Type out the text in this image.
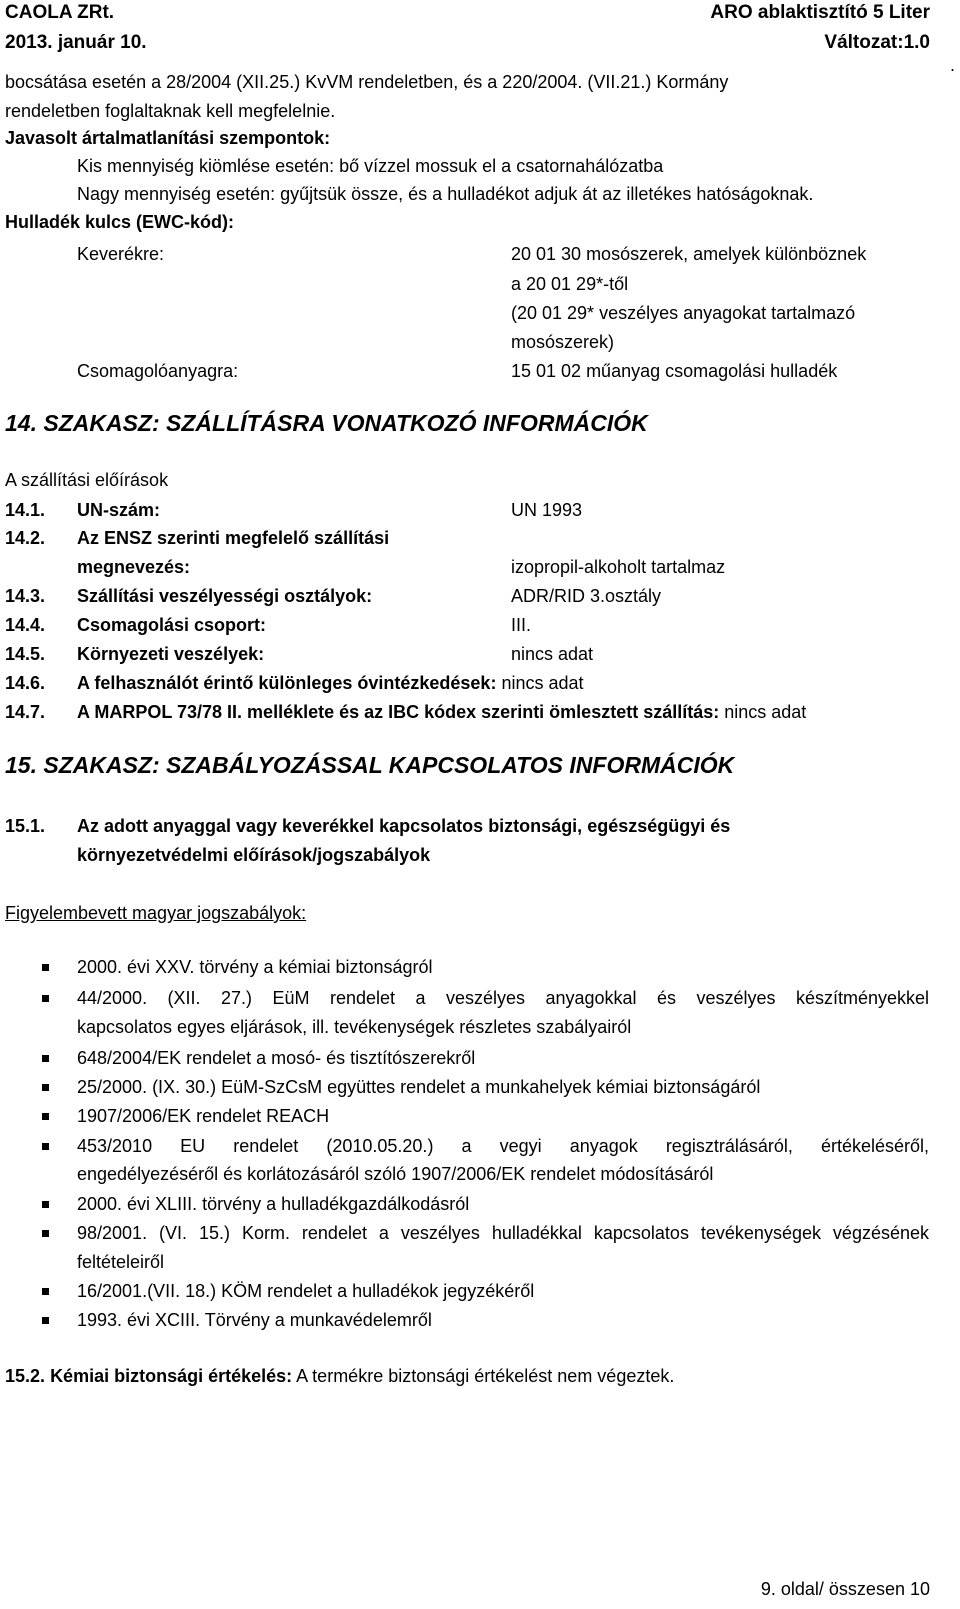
CAOLA ZRt.	ARO ablaktisztító 5 Liter
2013. január 10.	Változat:1.0
.
bocsátása esetén a 28/2004 (XII.25.) KvVM rendeletben, és a 220/2004. (VII.21.) Kormány
rendeletben foglaltaknak kell megfelelnie.
Javasolt ártalmatlanítási szempontok:
Kis mennyiség kiömlése esetén: bő vízzel mossuk el a csatornahálózatba
Nagy mennyiség esetén: gyűjtsük össze, és a hulladékot adjuk át az illetékes hatóságoknak.
Hulladék kulcs (EWC-kód):
Keverékre:	20 01 30 mosószerek, amelyek különböznek
a 20 01 29*-től
(20 01 29* veszélyes anyagokat tartalmazó
mosószerek)
Csomagolóanyagra:	15 01 02 műanyag csomagolási hulladék
14. SZAKASZ: SZÁLLÍTÁSRA VONATKOZÓ INFORMÁCIÓK
A szállítási előírások
14.1. UN-szám:	UN 1993
14.2. Az ENSZ szerinti megfelelő szállítási
megnevezés:	izopropil-alkoholt tartalmaz
14.3. Szállítási veszélyességi osztályok:	ADR/RID 3.osztály
14.4. Csomagolási csoport:	III.
14.5. Környezeti veszélyek:	nincs adat
14.6. A felhasználót érintő különleges óvintézkedések: nincs adat
14.7. A MARPOL 73/78 II. melléklete és az IBC kódex szerinti ömlesztett szállítás: nincs adat
15. SZAKASZ: SZABÁLYOZÁSSAL KAPCSOLATOS INFORMÁCIÓK
15.1. Az adott anyaggal vagy keverékkel kapcsolatos biztonsági, egészségügyi és
környezetvédelmi előírások/jogszabályok
Figyelembevett magyar jogszabályok:
2000. évi XXV. törvény a kémiai biztonságról
44/2000. (XII. 27.) EüM rendelet a veszélyes anyagokkal és veszélyes készítményekkel
kapcsolatos egyes eljárások, ill. tevékenységek részletes szabályairól
648/2004/EK rendelet a mosó- és tisztítószerekről
25/2000. (IX. 30.) EüM-SzCsM együttes rendelet a munkahelyek kémiai biztonságáról
1907/2006/EK rendelet REACH
453/2010 EU rendelet (2010.05.20.) a vegyi anyagok regisztrálásáról, értékeléséről,
engedélyezéséről és korlátozásáról szóló 1907/2006/EK rendelet módosításáról
2000. évi XLIII. törvény a hulladékgazdálkodásról
98/2001. (VI. 15.) Korm. rendelet a veszélyes hulladékkal kapcsolatos tevékenységek végzésének
feltételeiről
16/2001.(VII. 18.) KÖM rendelet a hulladékok jegyzékéről
1993. évi XCIII. Törvény a munkavédelemről
15.2. Kémiai biztonsági értékelés: A termékre biztonsági értékelést nem végeztek.
9. oldal/ összesen 10
